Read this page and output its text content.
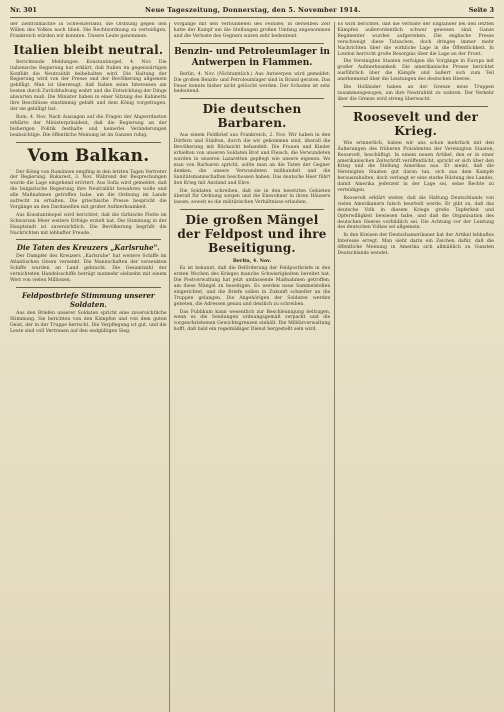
Nr. 301	Neue Tageszeitung, Donnerstag, den 5. November 1914.	Seite 3

der Zentralmächte in Schweizerland, die Ordnung gegen den Willen des Volkes noch blieb. Die Rechtsordnung zu verteidigen, Frankreich würden wir konnten. Unsere Leute genommen.

Italien bleibt neutral.

Berichtende Meldungen. Konstantinopel, 4. Nov. Die italienische Regierung hat erklärt, daß Italien im gegenwärtigen Konflikt die Neutralität beibehalten wird. Die Haltung der Regierung wird von der Presse und der Bevölkerung allgemein gebilligt. Man ist überzeugt, daß Italien seine Interessen am besten durch Zurückhaltung wahrt und die Entwicklung der Dinge abwarten muß. Die Minister haben in einer Sitzung des Kabinetts ihre Beschlüsse einstimmig gefaßt und dem König vorgetragen, der sie gebilligt hat.

Rom, 4. Nov. Nach Aussagen auf die Fragen der Abgeordneten erklärte der Ministerpräsident, daß die Regierung an der bisherigen Politik festhalte und keinerlei Veränderungen beabsichtige. Die öffentliche Meinung ist im Ganzen ruhig.

Vom Balkan.

Der König von Rumänien empfing in den letzten Tagen Vertreter der Regierung. Bukarest, 3. Nov. Während der Besprechungen wurde die Lage eingehend erörtert. Aus Sofia wird gemeldet, daß die bulgarische Regierung ihre Neutralität bewahren wolle und alle Maßnahmen getroffen habe, um die Ordnung im Lande aufrecht zu erhalten. Die griechische Presse bespricht die Vorgänge an den Dardanellen mit großer Aufmerksamkeit.

Aus Konstantinopel wird berichtet, daß die türkische Flotte im Schwarzen Meer weitere Erfolge erzielt hat. Die Stimmung in der Hauptstadt ist zuversichtlich. Die Bevölkerung begrüßt die Nachrichten mit lebhafter Freude.

Die Taten des Kreuzers „Karlsruhe".

Der Dampfer des Kreuzers „Karlsruhe" hat weitere Schiffe im Atlantischen Ozean versenkt. Die Mannschaften der versenkten Schiffe wurden an Land gebracht. Die Gesamtzahl der vernichteten Handelsschiffe beträgt nunmehr siebzehn mit einem Wert von vielen Millionen.

Feldpostbriefe Stimmung unserer Soldaten.

Aus den Briefen unserer Soldaten spricht eine zuversichtliche Stimmung. Sie berichten von den Kämpfen und von dem guten Geist, der in der Truppe herrscht. Die Verpflegung ist gut, und die Leute sind voll Vertrauen auf den endgültigen Sieg.

Vorgänge mit den Verbündeten des Feindes; in derselben Zeit hatte der Kampf um die Stellungen großen Umfang angenommen und die Verluste des Gegners waren sehr bedeutend.

Benzin- und Petroleumlager in Antwerpen in Flammen.

Berlin, 4. Nov. (Nichtamtlich.) Aus Antwerpen wird gemeldet: Die großen Benzin- und Petroleumlager sind in Brand geraten. Das Feuer konnte bisher nicht gelöscht werden. Der Schaden ist sehr bedeutend.

Die deutschen Barbaren.

Aus einem Feldbrief aus Frankreich, 2. Nov. Wir haben in den Dörfern und Städten, durch die wir gekommen sind, überall die Bevölkerung mit Rücksicht behandelt. Die Frauen und Kinder erhielten von unseren Soldaten Brot und Fleisch, die Verwundeten wurden in unseren Lazaretten gepflegt wie unsere eigenen. Wo man von Barbaren spricht, sollte man an die Taten der Gegner denken, die unsere Verwundeten mißhandelt und die Sanitätsmannschaften beschossen haben. Das deutsche Heer führt den Krieg mit Anstand und Ehre.

Die Soldaten schreiben, daß sie in den besetzten Gebieten überall für Ordnung sorgen und die Einwohner in ihren Häusern lassen, soweit es die militärischen Verhältnisse erlauben.

Die großen Mängel der Feldpost und ihre Beseitigung.
Berlin, 4. Nov.

Es ist bekannt, daß die Beförderung der Feldpostbriefe in den ersten Wochen des Krieges manche Schwierigkeiten bereitet hat. Die Postverwaltung hat jetzt umfassende Maßnahmen getroffen, um diese Mängel zu beseitigen. Es werden neue Sammelstellen eingerichtet, und die Briefe sollen in Zukunft schneller an die Truppen gelangen. Die Angehörigen der Soldaten werden gebeten, die Adressen genau und deutlich zu schreiben.

Das Publikum kann wesentlich zur Beschleunigung beitragen, wenn es die Sendungen ordnungsgemäß verpackt und die vorgeschriebenen Gewichtsgrenzen einhält. Die Militärverwaltung hofft, daß bald ein regelmäßiger Dienst hergestellt sein wird.

Es wird berichtet, daß die Verluste der Engländer bei den letzten Kämpfen außerordentlich schwer gewesen sind. Ganze Regimenter wurden aufgerieben. Die englische Presse verschweigt diese Tatsachen, doch dringen immer mehr Nachrichten über die wirkliche Lage in die Öffentlichkeit. In London herrscht große Besorgnis über die Lage an der Front.

Die Vereinigten Staaten verfolgen die Vorgänge in Europa mit großer Aufmerksamkeit. Die amerikanische Presse berichtet ausführlich über die Kämpfe und äußert sich zum Teil anerkennend über die Leistungen des deutschen Heeres.

Die Holländer haben an der Grenze neue Truppen zusammengezogen, um ihre Neutralität zu wahren. Der Verkehr über die Grenze wird streng überwacht.

Roosevelt und der Krieg.

Wie erinnerlich, haben wir uns schon mehrfach mit den Äußerungen des früheren Präsidenten der Vereinigten Staaten, Roosevelt, beschäftigt. In einem neuen Artikel, den er in einer amerikanischen Zeitschrift veröffentlicht, spricht er sich über den Krieg und die Stellung Amerikas aus. Er meint, daß die Vereinigten Staaten gut daran tun, sich aus dem Kampfe herauszuhalten, doch verlangt er eine starke Rüstung des Landes, damit Amerika jederzeit in der Lage sei, seine Rechte zu verteidigen.

Roosevelt erklärt weiter, daß die Haltung Deutschlands von vielen Amerikanern falsch beurteilt werde. Er gibt zu, daß das deutsche Volk in diesem Kriege große Tapferkeit und Opferwilligkeit bewiesen habe, und daß die Organisation des deutschen Heeres vorbildlich sei. Die Achtung vor der Leistung des deutschen Volkes sei allgemein.

In den Kreisen der Deutschamerikaner hat der Artikel lebhaftes Interesse erregt. Man sieht darin ein Zeichen dafür, daß die öffentliche Meinung in Amerika sich allmählich zu Gunsten Deutschlands wendet.
